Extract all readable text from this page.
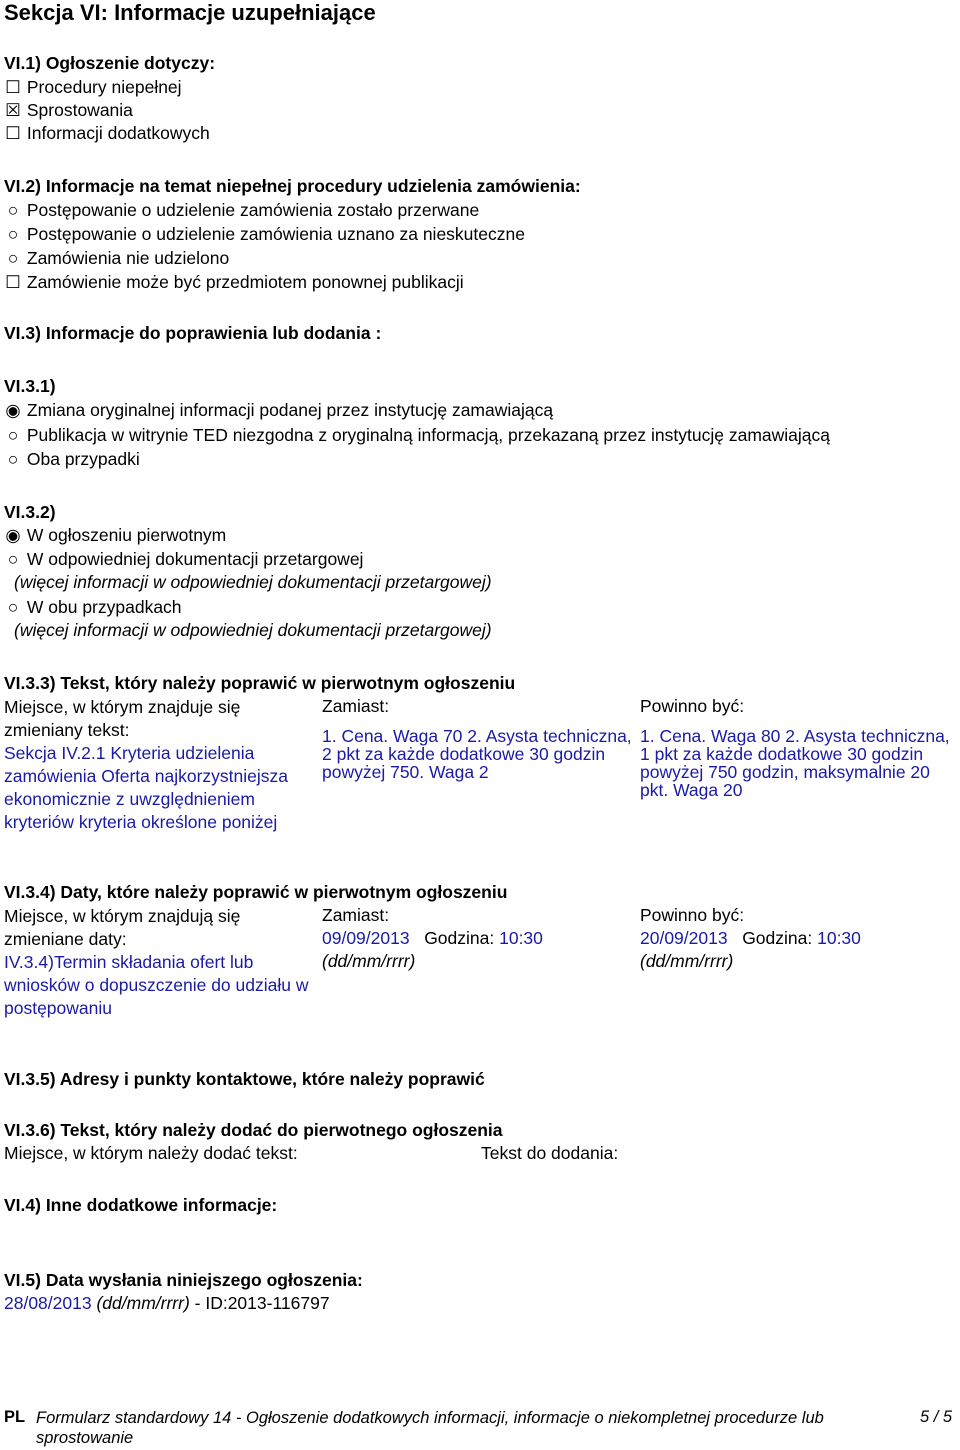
Sekcja VI: Informacje uzupełniające
VI.1) Ogłoszenie dotyczy:
☐ Procedury niepełnej
☒ Sprostowania
☐ Informacji dodatkowych
VI.2) Informacje na temat niepełnej procedury udzielenia zamówienia:
○ Postępowanie o udzielenie zamówienia zostało przerwane
○ Postępowanie o udzielenie zamówienia uznano za nieskuteczne
○ Zamówienia nie udzielono
☐ Zamówienie może być przedmiotem ponownej publikacji
VI.3) Informacje do poprawienia lub dodania :
VI.3.1)
◉ Zmiana oryginalnej informacji podanej przez instytucję zamawiającą
○ Publikacja w witrynie TED niezgodna z oryginalną informacją, przekazaną przez instytucję zamawiającą
○ Oba przypadki
VI.3.2)
◉ W ogłoszeniu pierwotnym
○ W odpowiedniej dokumentacji przetargowej
(więcej informacji w odpowiedniej dokumentacji przetargowej)
○ W obu przypadkach
(więcej informacji w odpowiedniej dokumentacji przetargowej)
VI.3.3) Tekst, który należy poprawić w pierwotnym ogłoszeniu
Miejsce, w którym znajduje się zmieniany tekst:
Sekcja IV.2.1 Kryteria udzielenia zamówienia Oferta najkorzystniejsza ekonomicznie z uwzględnieniem kryteriów kryteria określone poniżej
Zamiast:
1. Cena. Waga 70 2. Asysta techniczna, 2 pkt za każde dodatkowe 30 godzin powyżej 750. Waga 2
Powinno być:
1. Cena. Waga 80 2. Asysta techniczna, 1 pkt za każde dodatkowe 30 godzin powyżej 750 godzin, maksymalnie 20 pkt. Waga 20
VI.3.4) Daty, które należy poprawić w pierwotnym ogłoszeniu
Miejsce, w którym znajdują się zmieniane daty:
IV.3.4)Termin składania ofert lub wniosków o dopuszczenie do udziału w postępowaniu
Zamiast:
09/09/2013 Godzina: 10:30
(dd/mm/rrrr)
Powinno być:
20/09/2013 Godzina: 10:30
(dd/mm/rrrr)
VI.3.5) Adresy i punkty kontaktowe, które należy poprawić
VI.3.6) Tekst, który należy dodać do pierwotnego ogłoszenia
Miejsce, w którym należy dodać tekst:	Tekst do dodania:
VI.4) Inne dodatkowe informacje:
VI.5) Data wysłania niniejszego ogłoszenia:
28/08/2013 (dd/mm/rrrr) - ID:2013-116797
PL Formularz standardowy 14 - Ogłoszenie dodatkowych informacji, informacje o niekompletnej procedurze lub sprostowanie
5 / 5
